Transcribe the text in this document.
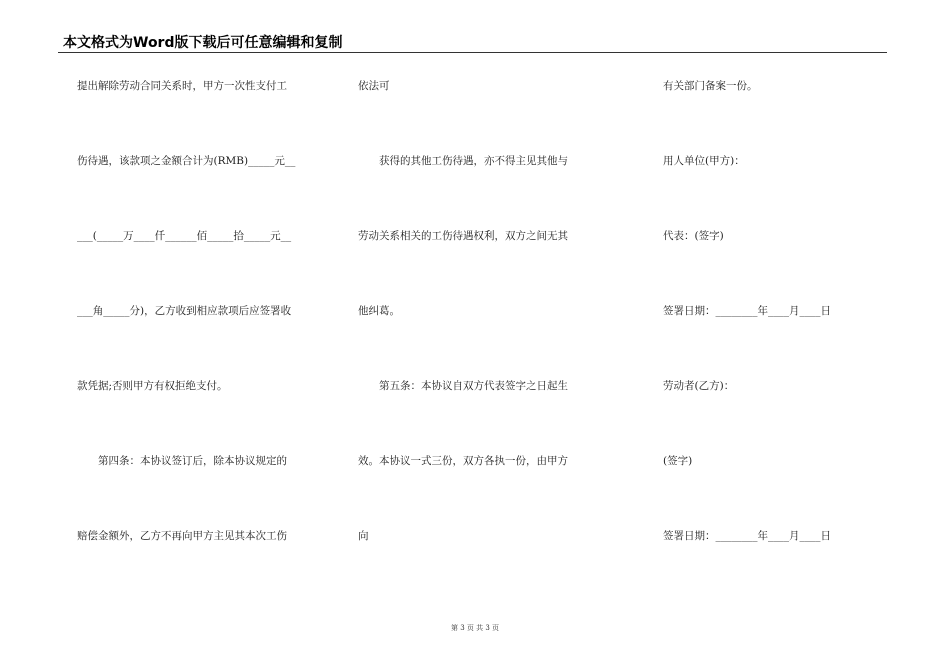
本文格式为Word版下载后可任意编辑和复制
提出解除劳动合同关系时，甲方一次性支付工
伤待遇，该款项之金额合计为(RMB)_____元__
___(_____万____仟______佰_____拾_____元__
___角_____分)，乙方收到相应款项后应签署收
款凭据;否则甲方有权拒绝支付。
　　第四条：本协议签订后，除本协议规定的
赔偿金额外，乙方不再向甲方主见其本次工伤
依法可
　　获得的其他工伤待遇，亦不得主见其他与
劳动关系相关的工伤待遇权利，双方之间无其
他纠葛。
　　第五条：本协议自双方代表签字之日起生
效。本协议一式三份，双方各执一份，由甲方
向
有关部门备案一份。
用人单位(甲方)：
代表：(签字)
签署日期：________年____月____日
劳动者(乙方)：
(签字)
签署日期：________年____月____日
第 3 页 共 3 页
